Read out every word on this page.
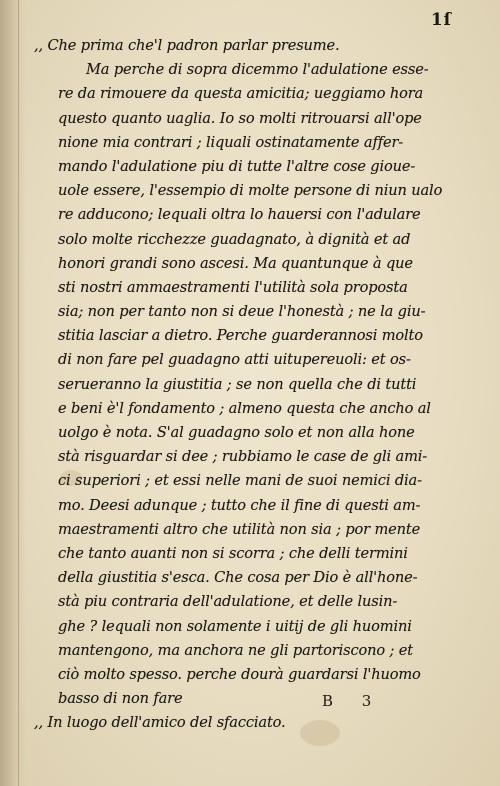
1ſ
,, Che prima che'l padron parlar presume.
Ma perche di sopra dicemmo l'adulatione esse-
re da rimouere da questa amicitia; ueggiamo hora
questo quanto uaglia. Io so molti ritrouarsi all'ope
nione mia contrari ; liquali ostinatamente affer-
mando l'adulatione piu di tutte l'altre cose gioue-
uole essere, l'essempio di molte persone di niun ualo
re adducono; lequali oltra lo hauersi con l'adulare
solo molte ricchezze guadagnato, à dignità et ad
honori grandi sono ascesi. Ma quantunque à que
sti nostri ammaestramenti l'utilità sola proposta
sia; non per tanto non si deue l'honestà ; ne la giu-
stitia lasciar a dietro. Perche guarderannosi molto
di non fare pel guadagno atti uitupereuoli: et os-
serueranno la giustitia ; se non quella che di tutti
e beni è'l fondamento ; almeno questa che ancho al
uolgo è nota. S'al guadagno solo et non alla hone
stà risguardar si dee ; rubbiamo le case de gli ami-
ci superiori ; et essi nelle mani de suoi nemici dia-
mo. Deesi adunque ; tutto che il fine di questi am-
maestramenti altro che utilità non sia ; por mente
che tanto auanti non si scorra ; che delli termini
della giustitia s'esca. Che cosa per Dio è all'hone-
stà piu contraria dell'adulatione, et delle lusin-
ghe ? lequali non solamente i uitij de gli huomini
mantengono, ma anchora ne gli partoriscono ; et
ciò molto spesso. perche dourà guardarsi l'huomo
basso di non fare
,, In luogo dell'amico del sfacciato.
B 3
